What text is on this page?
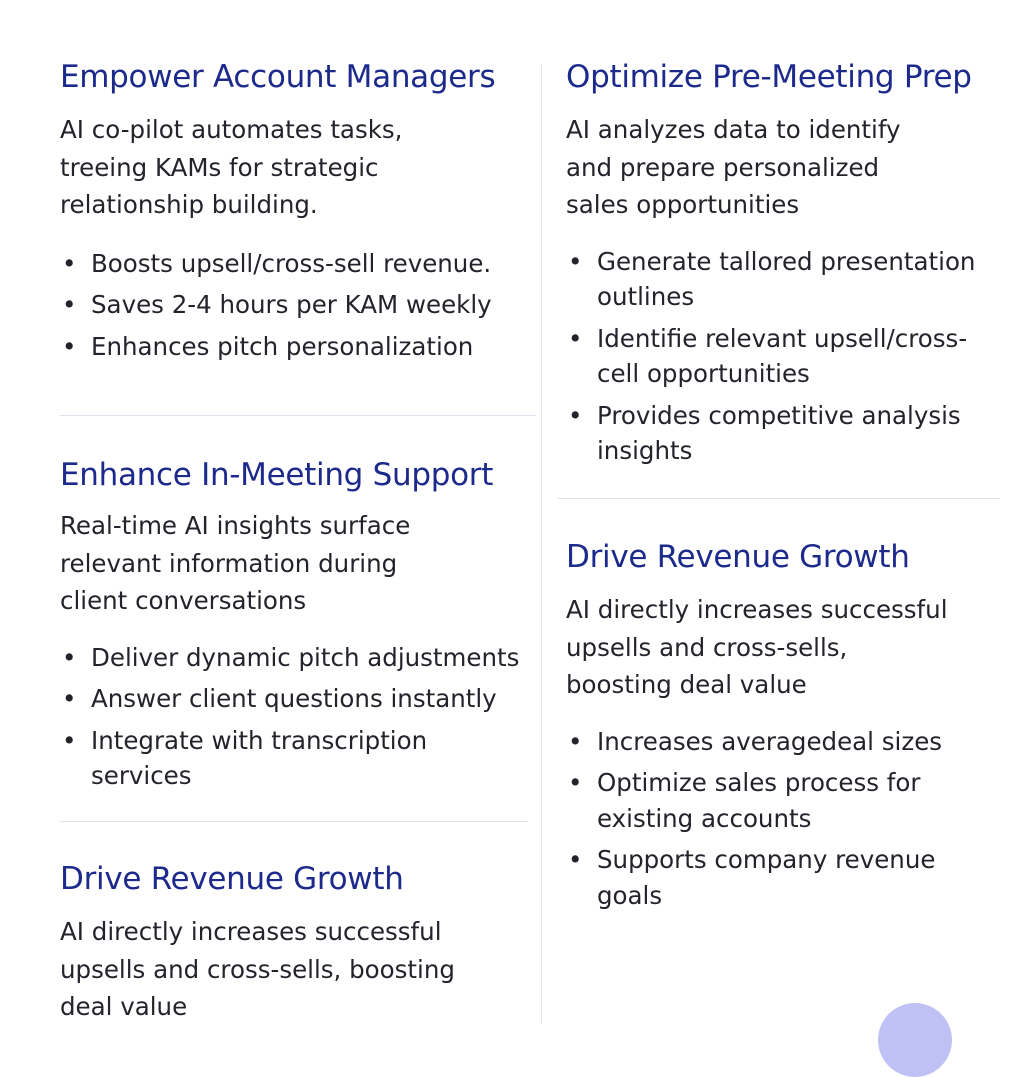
Empower Account Managers

AI co-pilot automates tasks,
treeing KAMs for strategic
relationship building.

• Boosts upsell/cross-sell revenue.
• Saves 2-4 hours per KAM weekly
• Enhances pitch personalization
Enhance In-Meeting Support

Real-time AI insights surface
relevant information during
client conversations

• Deliver dynamic pitch adjustments
• Answer client questions instantly
• Integrate with transcription
services
Drive Revenue Growth

AI directly increases successful
upsells and cross-sells, boosting
deal value

Optimize Pre-Meeting Prep

AI analyzes data to identify
and prepare personalized
sales opportunities

• Generate tallored presentation
outlines
• Identifie relevant upsell/cross-
cell opportunities
• Provides competitive analysis
insights
Drive Revenue Growth

AI directly increases successful
upsells and cross-sells,
boosting deal value

• Increases averagedeal sizes
• Optimize sales process for
existing accounts
• Supports company revenue
goals
